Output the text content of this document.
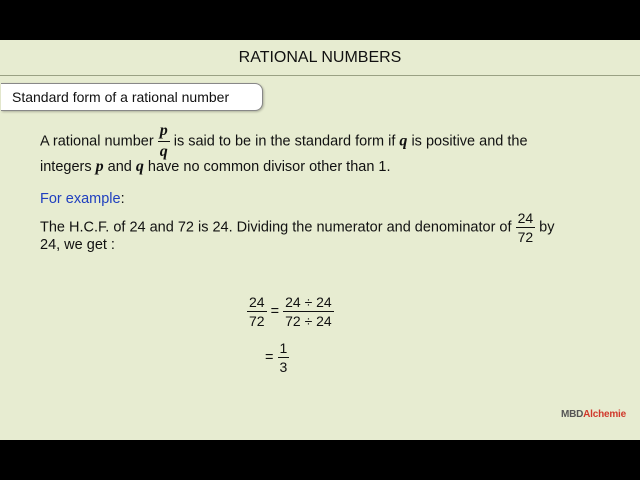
RATIONAL NUMBERS
Standard form of a rational number
A rational number $\frac{p}{q}$ is said to be in the standard form if q is positive and the
integers p and q have no common divisor other than 1.
For example:
The H.C.F. of 24 and 72 is 24. Dividing the numerator and denominator of $\frac{24}{72}$ by
24, we get :
$\frac{24}{72} = \frac{24 \div 24}{72 \div 24}$
= $\frac{1}{3}$
MBDAlchemie
